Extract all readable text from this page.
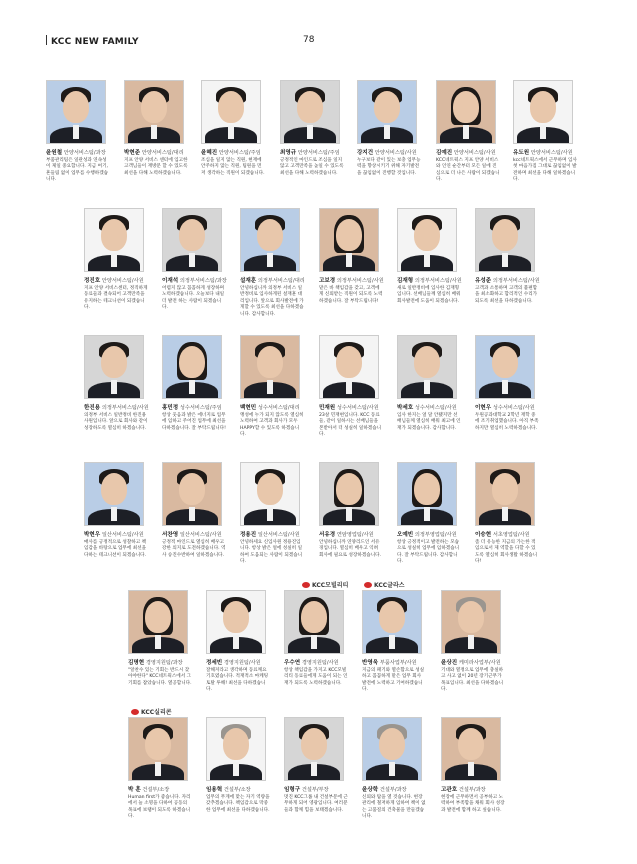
KCC NEW FAMILY	78
윤원철 안양서비스팀/과장
부품관리팀은 일관성과 연속성이 제일 중요합니다. 지금 여기, 흔들림 없이 업무를 수행하겠습니다.
박현준 안양서비스팀/대리
지프 안양 서비스 센터에 입고한 고객님들이 재방문 할 수 있도록 최선을 다해 노력하겠습니다.
윤혜진 안양서비스팀/주임
조심을 일지 않는 직원, 현재에 안주하지 않는 직원, 팀원을 먼저 생각하는 직원이 되겠습니다.
최영규 안양서비스팀/주임
긍정적인 마인드로 조심을 일지 않고 고객만족을 높일 수 있도록 최선을 다해 노력하겠습니다.
강지건 안양서비스팀/사원
누구보다 같이 있는 보충 업무능력을 향상시키기 위해 자기발전을 끊임없이 진행할 것입니다.
김예진 안양서비스팀/사원
KCC네트웍스 지프 안양 서비스와 인연 순간부터 모든 일에 진심으로 더 나은 사람이 되겠습니다.
유도원 안양서비스팀/사원
kcc네트웍스에서 근무하며 입사 첫 마음가짐 그대로 끊임없이 발전하며 최선을 다해 일하겠습니다.
정진호 안양서비스팀/사원
지프 안양 서비스센터, 정직하게 동료들과 결속되어 고객만족을 유지하는 테크니션이 되겠습니다.
이재석 의정부서비스팀/과장
어렵지 않고 꼼꼼하게 성장하며 노력하겠습니다. 오늘보다 내일 더 발전 하는 사람이 되겠습니다.
설재훈 의정부서비스팀/대리
안녕하십니까 의정부 서비스 일반정비로 입사하게된 설재훈 대리입니다. 앞으로 회사발전에 가게할 수 있도록 최선을 다하겠습니다. 감사합니다.
고보경 의정부서비스팀/사원
맡은 바 책임감을 갖고, 고객에게 신뢰받는 직원이 되도록 노력하겠습니다. 잘 부탁드립니다!
김재형 의정부서비스팀/사원
새로 일반정비에 입사한 김재형입니다. 선배님들께 열심히 배워 회사발전에 도움이 되겠습니다.
유성준 의정부서비스팀/사원
고객과 소통하며 고객의 불편함을 최소화하고 합리적인 수리가 되도록 최선을 다하겠습니다.
한진용 의정부서비스팀/사원
의정부 서비스 일반정비 한진용 사원입니다. 앞으로 회사와 같이 성장하도록 열심히 하겠습니다.
홍민정 성수서비스팀/주임
항상 웃음과 밝은 에너지로 업무에 임하고 주어진 업무에 최선을 다하겠습니다. 잘 부탁드립니다!
백현민 성수서비스팀/대리
앵성에 누가 되지 않도록 열심히 노력하여 고객과 회사가 모두 HAPPY할 수 있도록 하겠습니다.
민재원 성수서비스팀/사원
23살 민재현입니다. KCC 동료들, 같이 일하시는 선배님들을 본받아서 더 성실히 일하겠습니다.
박세호 성수서비스팀/사원
입사 한지는 얼 달 안됐지만 선배님들께 열심히 배워 최고에 인재가 되겠습니다. 감사합니다.
이현우 성수서비스팀/사원
두원공과대학교 2학년 재학 중에 조기취업했습니다. 아직 부족하지만 열심히 노력하겠습니다.
박현우 일산서비스팀/사원
매사를 긍정적으로 성찰하고 책임감을 바탕으로 업무에 최선을 다하는 테크니션이 되겠습니다.
서찬영 일산서비스팀/사원
긍정적 마인드로 열심히 배우고 강한 의지로 도전하겠습니다. 역사 승진수반하여 일하겠습니다.
정용진 일산서비스팀/사원
안녕하세요 신입사원 정용진입니다. 항상 밝은 얼에 성실히 일하여 도움되는 사람이 되겠습니다.
서유경 연암영업팀/사원
안녕하십니까 연양리드인 서유경입니다. 열심히 배우고 익혀 회사에 필요로 성장하겠습니다.
오예빈 의정부영업팀/사원
항상 긍정적이고 발전하는 모습으로 성실히 업무에 임하겠습니다. 잘 부탁드립니다. 감사합니다.
이승현 서초영업팀/사원
좀 더 유능한 지금의 가는한 적임으로서 제 역할을 다할 수 있도록 열심히 회사생활 하겠습니다!
김명현 경영지원팀/과장
"알찬수 있는 기회는 반드시 찾아야한다" KCC네트웍스에서 그 기회를 잡았습니다. 열공합니다.
정세빈 경영지원팀/사원
잘해져라고 생각하며 동료께요 기호였습니다. 적재적소 마케팅 토탈 투해! 최선을 다하겠습니다.
우수연 경영지원팀/사원
항상 책임감을 가지고 KCC모빌리티 동료들에게 도움이 되는 인재가 되도록 노력하겠습니다.
반영욱 부품사업부/사원
지금의 패기와 열손함으로 성실하고 꼼꼼하게 맡은 업무 회사 발전에 노력하고 기여하겠습니다.
윤상진 케미라사업부/사원
기대와 열정으로 업무에 충실하고 사고 없이 20년 장기근무가 목표입니다. 최선을 다하겠습니다.
박 훈 건설부/소장
Human first가 좋습니다. 자리에서 늘 소명을 다하여 공동의 목표에 보탬이 되도록 하겠습니다.
임용혁 건설부/소장
업무의 무게에 맞는 자기 역량을 갖추겠습니다. 책임감으로 막중한 업무에 최선을 다하겠습니다.
임형구 건설부/부장
멋진 KCC그룹 내 건설부문에 근무하게 되어 영광입니다. 여러분들과 함께 힘을 보태겠습니다.
윤상학 건설부/과장
신뢰와 탑을 열 것습니다. 현장관리에 철저하게 임하여 책이 없는 고품질의 건축물을 만들겠습니다.
고관호 건설부/과장
현장에 근무하면서 공부하고 노력하여 부족함을 채워 회사 성장과 발전에 함께 하고 싶습니다.
KCC모빌리티	KCC글라스
KCC실리콘
